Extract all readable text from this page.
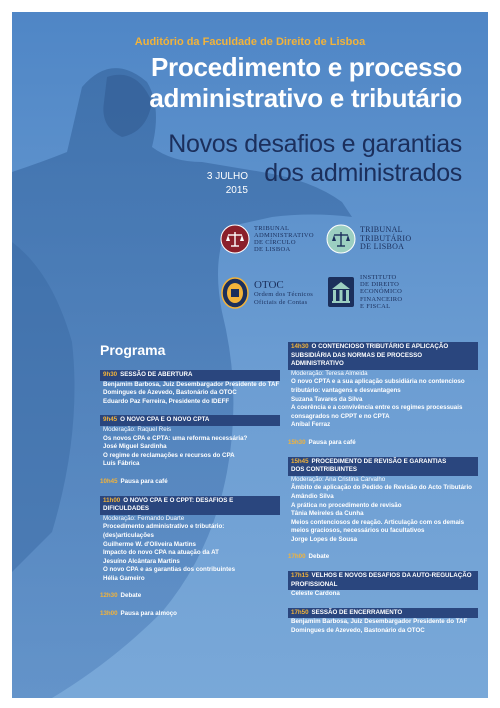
Auditório da Faculdade de Direito de Lisboa
Procedimento e processo
administrativo e tributário
Novos desafios e garantias
dos administrados
3 JULHO
2015
TRIBUNAL
ADMINISTRATIVO
DE CÍRCULO
DE LISBOA
TRIBUNAL
TRIBUTÁRIO
DE LISBOA
OTOC
Ordem dos Técnicos
Oficiais de Contas
INSTITUTO
DE DIREITO
ECONÓMICO
FINANCEIRO
E FISCAL
Programa
9h30 SESSÃO DE ABERTURA
Benjamim Barbosa, Juiz Desembargador Presidente do TAF
Domingues de Azevedo, Bastonário da OTOC
Eduardo Paz Ferreira, Presidente do IDEFF
9h45 O NOVO CPA E O NOVO CPTA
Moderação: Raquel Reis
Os novos CPA e CPTA: uma reforma necessária?
José Miguel Sardinha
O regime de reclamações e recursos do CPA
Luís Fábrica
10h45 Pausa para café
11h00 O NOVO CPA E O CPPT: DESAFIOS E DIFICULDADES
Moderação: Fernando Duarte
Procedimento administrativo e tributário:
(des)articulações
Guilherme W. d'Oliveira Martins
Impacto do novo CPA na atuação da AT
Jesuíno Alcântara Martins
O novo CPA e as garantias dos contribuintes
Hélia Gameiro
12h30 Debate
13h00 Pausa para almoço
14h30 O CONTENCIOSO TRIBUTÁRIO E APLICAÇÃO
SUBSIDIÁRIA DAS NORMAS DE PROCESSO ADMINISTRATIVO
Moderação: Teresa Almeida
O novo CPTA e a sua aplicação subsidiária no contencioso
tributário: vantagens e desvantagens
Suzana Tavares da Silva
A coerência e a convivência entre os regimes processuais
consagrados no CPPT e no CPTA
Aníbal Ferraz
15h30 Pausa para café
15h45 PROCEDIMENTO DE REVISÃO E GARANTIAS
DOS CONTRIBUINTES
Moderação: Ana Cristina Carvalho
Âmbito de aplicação do Pedido de Revisão do Acto Tributário
Amândio Silva
A prática no procedimento de revisão
Tânia Meireles da Cunha
Meios contenciosos de reação. Articulação com os demais
meios graciosos, necessários ou facultativos
Jorge Lopes de Sousa
17h00 Debate
17h15 VELHOS E NOVOS DESAFIOS DA AUTO-REGULAÇÃO
PROFISSIONAL
Celeste Cardona
17h50 SESSÃO DE ENCERRAMENTO
Benjamim Barbosa, Juiz Desembargador Presidente do TAF
Domingues de Azevedo, Bastonário da OTOC
